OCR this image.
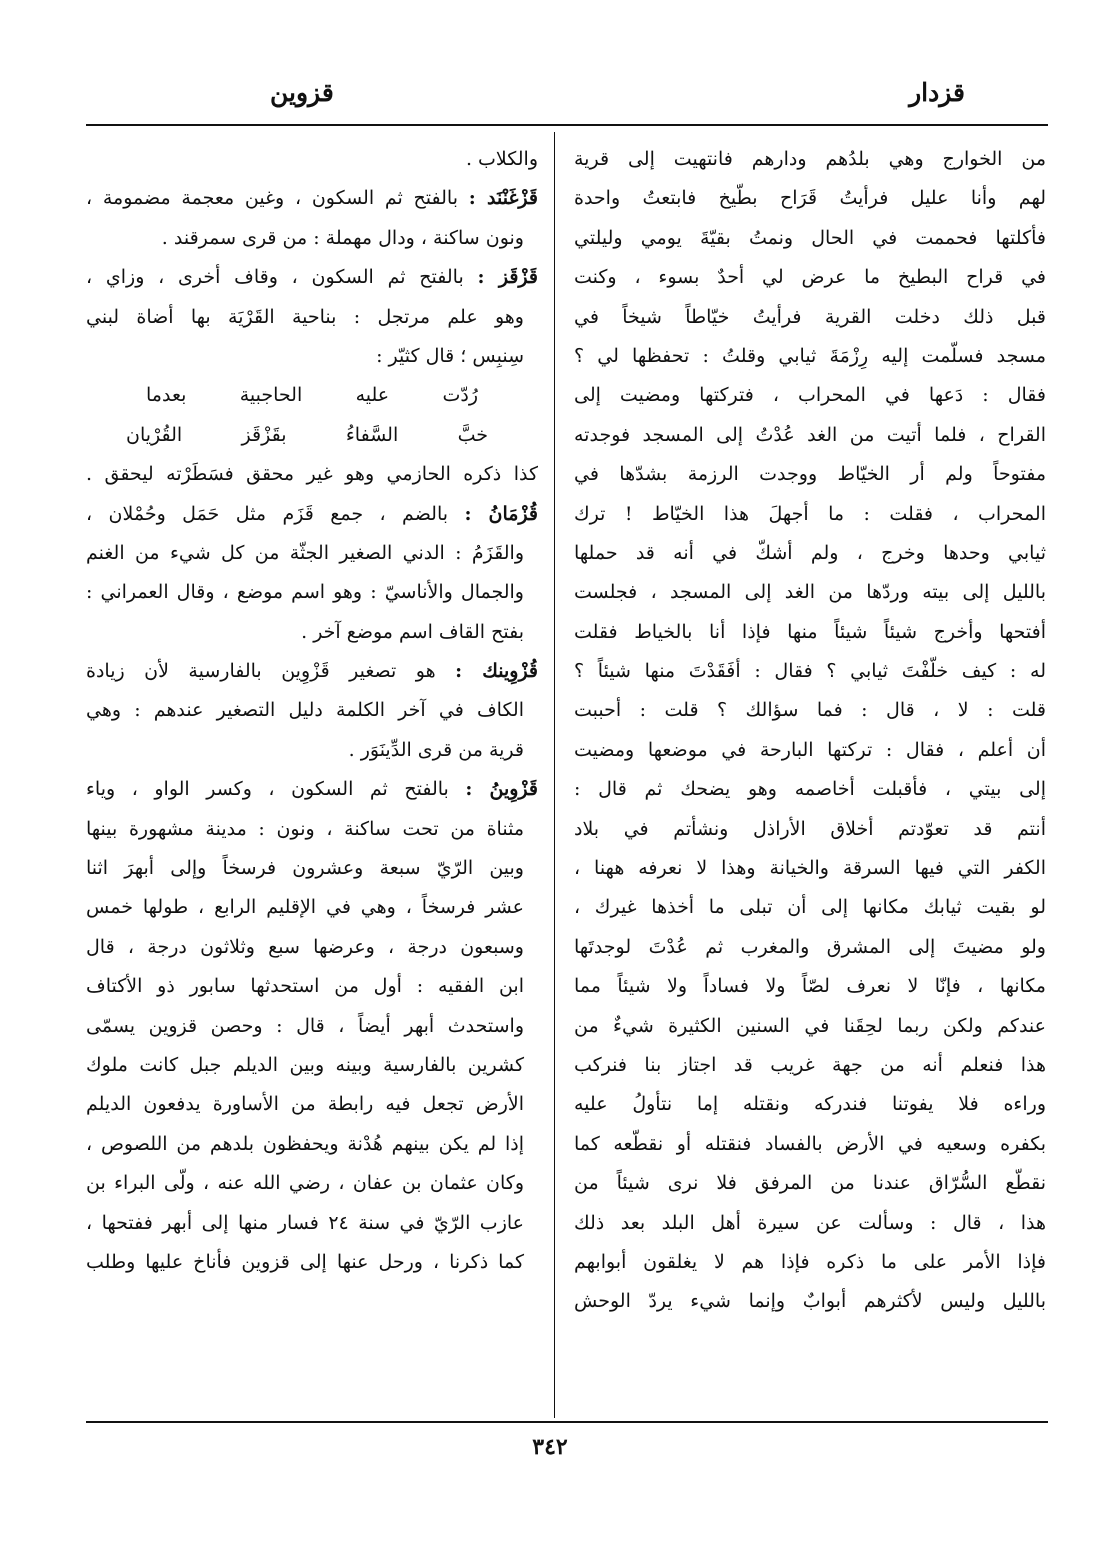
قزدار
قزوين
من الخوارج وهي بلدُهم ودارهم فانتهيت إلى قرية
لهم وأنا عليل فرأيتُ قَرَاح بطّيخ فابتعتُ واحدة
فأكلتها فحممت في الحال ونمتُ بقيّةَ يومي وليلتي
في قراح البطيخ ما عرض لي أحدٌ بسوء ، وكنت
قبل ذلك دخلت القرية فرأيتُ خيّاطاً شيخاً في
مسجد فسلّمت إليه رِزْمَةَ ثيابي وقلتُ : تحفظها لي ؟
فقال : دَعها في المحراب ، فتركتها ومضيت إلى
القراح ، فلما أتيت من الغد عُدْتُ إلى المسجد فوجدته
مفتوحاً ولم أر الخيّاط ووجدت الرزمة بشدّها في
المحراب ، فقلت : ما أجهلَ هذا الخيّاط ! ترك
ثيابي وحدها وخرج ، ولم أشكّ في أنه قد حملها
بالليل إلى بيته وردّها من الغد إلى المسجد ، فجلست
أفتحها وأخرج شيئاً شيئاً منها فإذا أنا بالخياط فقلت
له : كيف خلّفْتَ ثيابي ؟ فقال : أفَقَدْتَ منها شيئاً ؟
قلت : لا ، قال : فما سؤالك ؟ قلت : أحببت
أن أعلم ، فقال : تركتها البارحة في موضعها ومضيت
إلى بيتي ، فأقبلت أخاصمه وهو يضحك ثم قال :
أنتم قد تعوّدتم أخلاق الأراذل ونشأتم في بلاد
الكفر التي فيها السرقة والخيانة وهذا لا نعرفه ههنا ،
لو بقيت ثيابك مكانها إلى أن تبلى ما أخذها غيرك ،
ولو مضيتَ إلى المشرق والمغرب ثم عُدْتَ لوجدتَها
مكانها ، فإنّا لا نعرف لصّاً ولا فساداً ولا شيئاً مما
عندكم ولكن ربما لحِقَنا في السنين الكثيرة شيءٌ من
هذا فنعلم أنه من جهة غريب قد اجتاز بنا فنركب
وراءه فلا يفوتنا فندركه ونقتله إما نتأولُ عليه
بكفره وسعيه في الأرض بالفساد فنقتله أو نقطّعه كما
نقطّع السُّرّاق عندنا من المرفق فلا نرى شيئاً من
هذا ، قال : وسألت عن سيرة أهل البلد بعد ذلك
فإذا الأمر على ما ذكره فإذا هم لا يغلقون أبوابهم
بالليل وليس لأكثرهم أبوابٌ وإنما شيء يردّ الوحش
والكلاب .
قَزْغَنْنَد : بالفتح ثم السكون ، وغين معجمة مضمومة ،
ونون ساكنة ، ودال مهملة : من قرى سمرقند .
قَزْقَز : بالفتح ثم السكون ، وقاف أخرى ، وزاي ،
وهو علم مرتجل : بناحية القَرْيَة بها أضاة لبني
سِنبِس ؛ قال كثيّر :
رُدّت عليه الحاجبية بعدما
خبَّ السَّفاءُ بقَزْقَز القُرْيان
كذا ذكره الحازمي وهو غير محقق فسَطَرْته ليحقق .
قُزْمَانُ : بالضم ، جمع قَزَم مثل حَمَل وحُمْلان ،
والقَزَمُ : الدني الصغير الجثّة من كل شيء من الغنم
والجمال والأناسيّ : وهو اسم موضع ، وقال العمراني :
بفتح القاف اسم موضع آخر .
قُزْوِينك : هو تصغير قَزْوِين بالفارسية لأن زيادة
الكاف في آخر الكلمة دليل التصغير عندهم : وهي
قرية من قرى الدِّينَوَر .
قَزْوِينُ : بالفتح ثم السكون ، وكسر الواو ، وياء
مثناة من تحت ساكنة ، ونون : مدينة مشهورة بينها
وبين الرّيّ سبعة وعشرون فرسخاً وإلى أبهرَ اثنا
عشر فرسخاً ، وهي في الإقليم الرابع ، طولها خمس
وسبعون درجة ، وعرضها سبع وثلاثون درجة ، قال
ابن الفقيه : أول من استحدثها سابور ذو الأكتاف
واستحدث أبهر أيضاً ، قال : وحصن قزوين يسمّى
كشرين بالفارسية وبينه وبين الديلم جبل كانت ملوك
الأرض تجعل فيه رابطة من الأساورة يدفعون الديلم
إذا لم يكن بينهم هُدْنة ويحفظون بلدهم من اللصوص ،
وكان عثمان بن عفان ، رضي الله عنه ، ولّى البراء بن
عازب الرّيّ في سنة ٢٤ فسار منها إلى أبهر ففتحها ،
كما ذكرنا ، ورحل عنها إلى قزوين فأناخ عليها وطلب
٣٤٢
